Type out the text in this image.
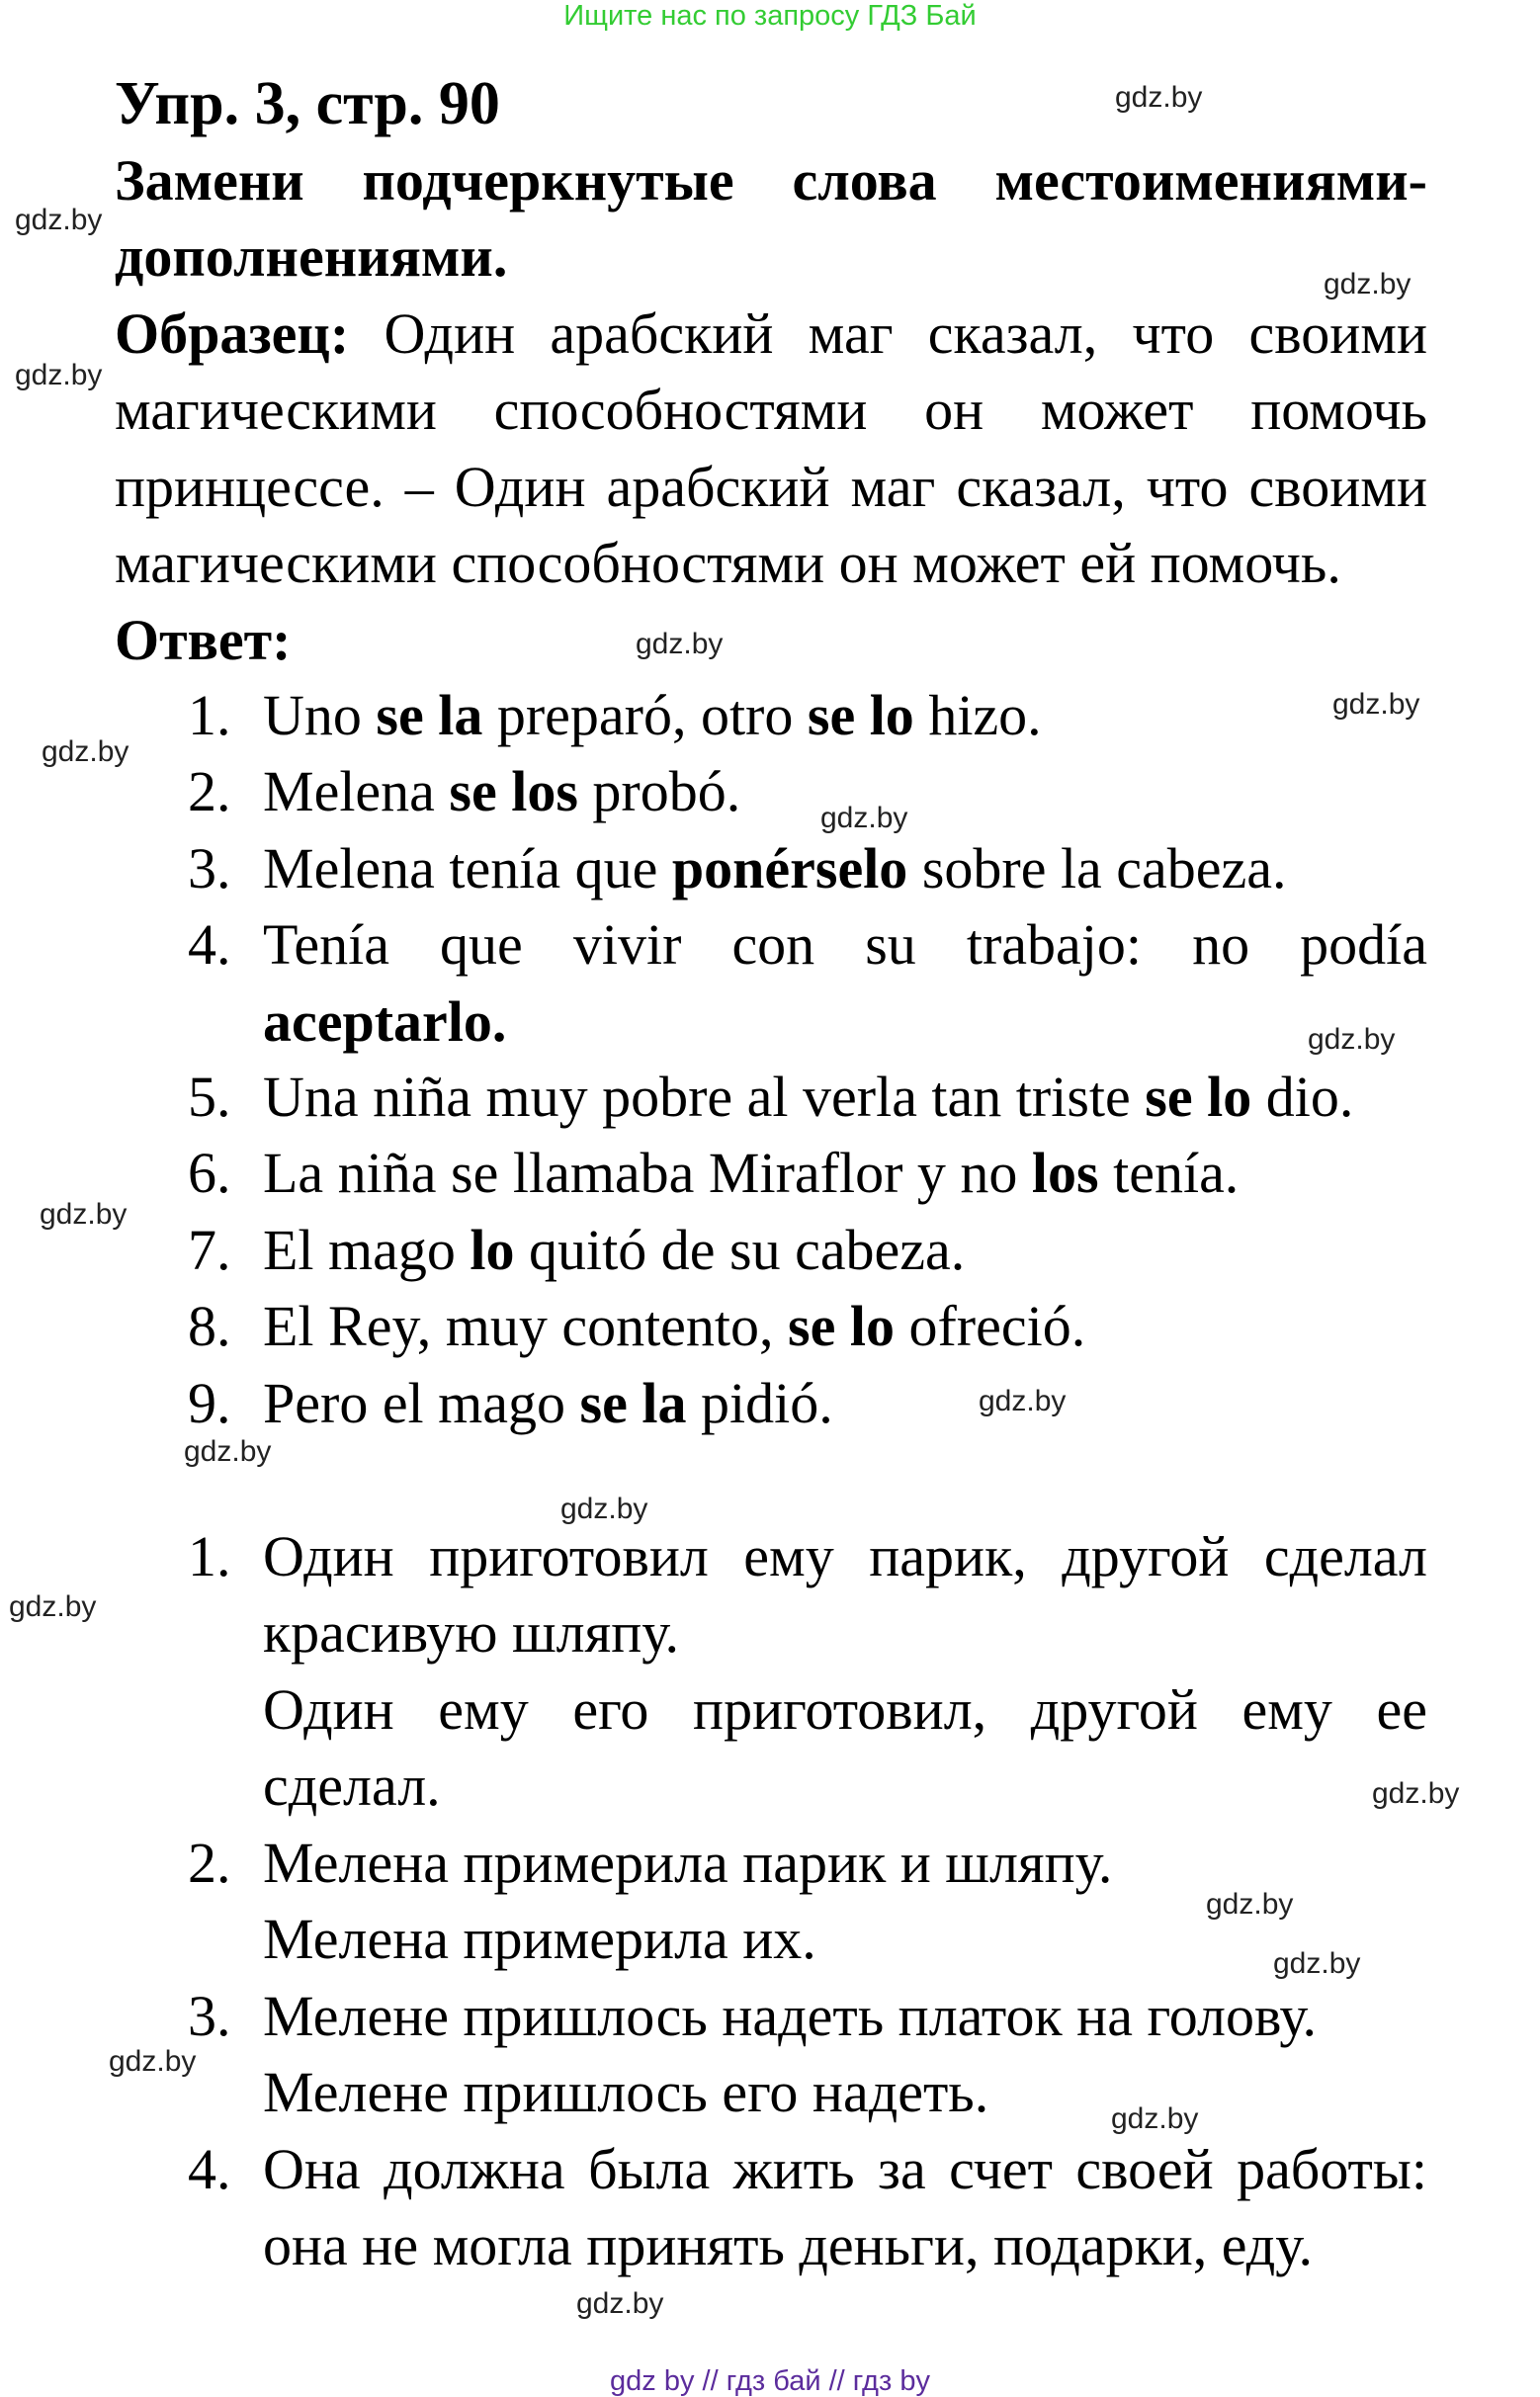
Ищите нас по запросу ГДЗ Бай
Упр. 3, стр. 90
Замени подчеркнутые слова местоимениями-
дополнениями.
Образец: Один арабский маг сказал, что своими
магическими способностями он может помочь
принцессе. – Один арабский маг сказал, что своими
магическими способностями он может ей помочь.
Ответ:
1. Uno se la preparó, otro se lo hizo.
2. Melena se los probó.
3. Melena tenía que ponérselo sobre la cabeza.
4. Tenía que vivir con su trabajo: no podía
aceptarlo.
5. Una niña muy pobre al verla tan triste se lo dio.
6. La niña se llamaba Miraflor y no los tenía.
7. El mago lo quitó de su cabeza.
8. El Rey, muy contento, se lo ofreció.
9. Pero el mago se la pidió.
1. Один приготовил ему парик, другой сделал
красивую шляпу.
Один ему его приготовил, другой ему ее
сделал.
2. Мелена примерила парик и шляпу.
Мелена примерила их.
3. Мелене пришлось надеть платок на голову.
Мелене пришлось его надеть.
4. Она должна была жить за счет своей работы:
она не могла принять деньги, подарки, еду.
gdz.by
gdz.by
gdz.by
gdz.by
gdz.by
gdz.by
gdz.by
gdz.by
gdz.by
gdz.by
gdz.by
gdz.by
gdz.by
gdz.by
gdz.by
gdz.by
gdz.by
gdz.by
gdz.by
gdz.by
gdz by // гдз бай // гдз by
